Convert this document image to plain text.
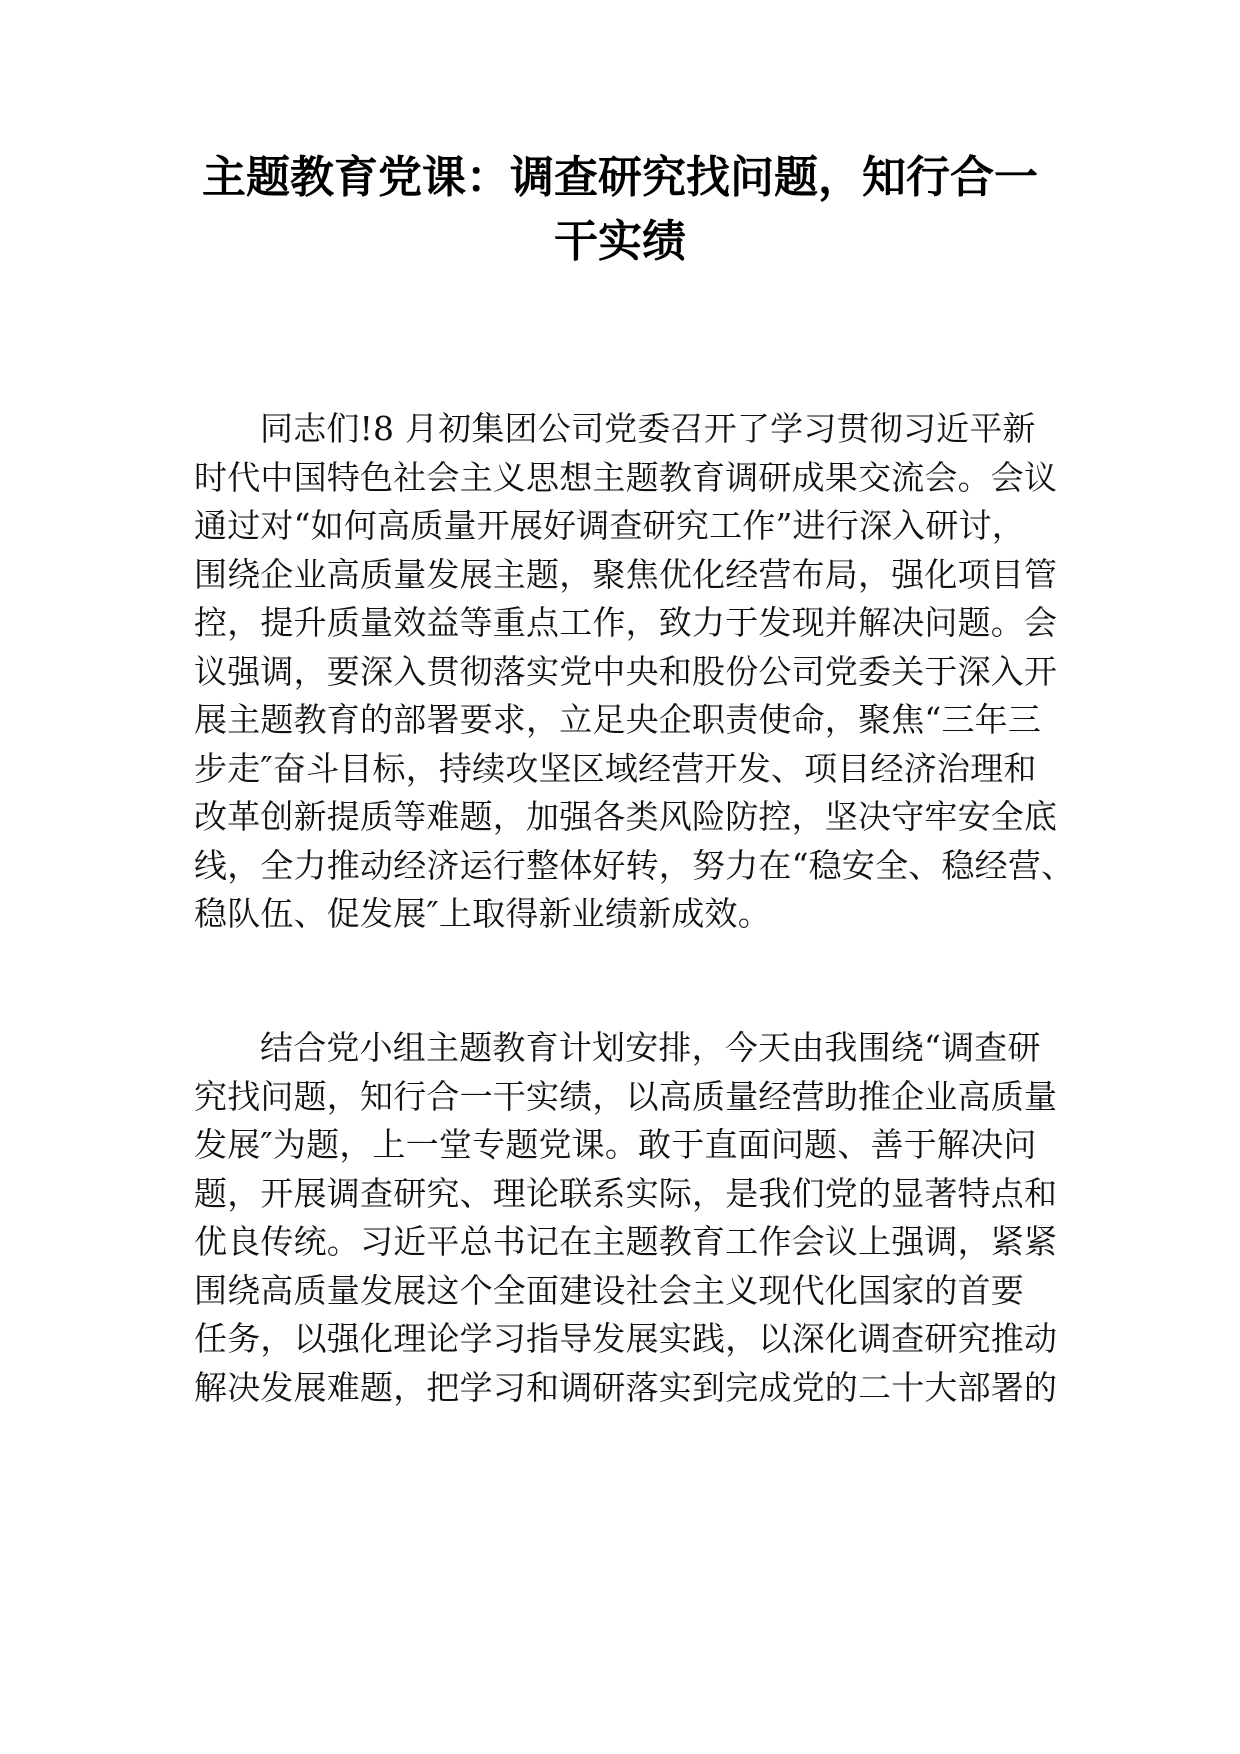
主题教育党课：调查研究找问题，知行合一
干实绩
同志们!8 月初集团公司党委召开了学习贯彻习近平新
时代中国特色社会主义思想主题教育调研成果交流会。会议
通过对“如何高质量开展好调查研究工作”进行深入研讨，
围绕企业高质量发展主题，聚焦优化经营布局，强化项目管
控，提升质量效益等重点工作，致力于发现并解决问题。会
议强调，要深入贯彻落实党中央和股份公司党委关于深入开
展主题教育的部署要求，立足央企职责使命，聚焦“三年三
步走″奋斗目标，持续攻坚区域经营开发、项目经济治理和
改革创新提质等难题，加强各类风险防控，坚决守牢安全底
线，全力推动经济运行整体好转，努力在“稳安全、稳经营、
稳队伍、促发展″上取得新业绩新成效。
结合党小组主题教育计划安排，今天由我围绕“调查研
究找问题，知行合一干实绩，以高质量经营助推企业高质量
发展″为题，上一堂专题党课。敢于直面问题、善于解决问
题，开展调查研究、理论联系实际，是我们党的显著特点和
优良传统。习近平总书记在主题教育工作会议上强调，紧紧
围绕高质量发展这个全面建设社会主义现代化国家的首要
任务，以强化理论学习指导发展实践，以深化调查研究推动
解决发展难题，把学习和调研落实到完成党的二十大部署的
